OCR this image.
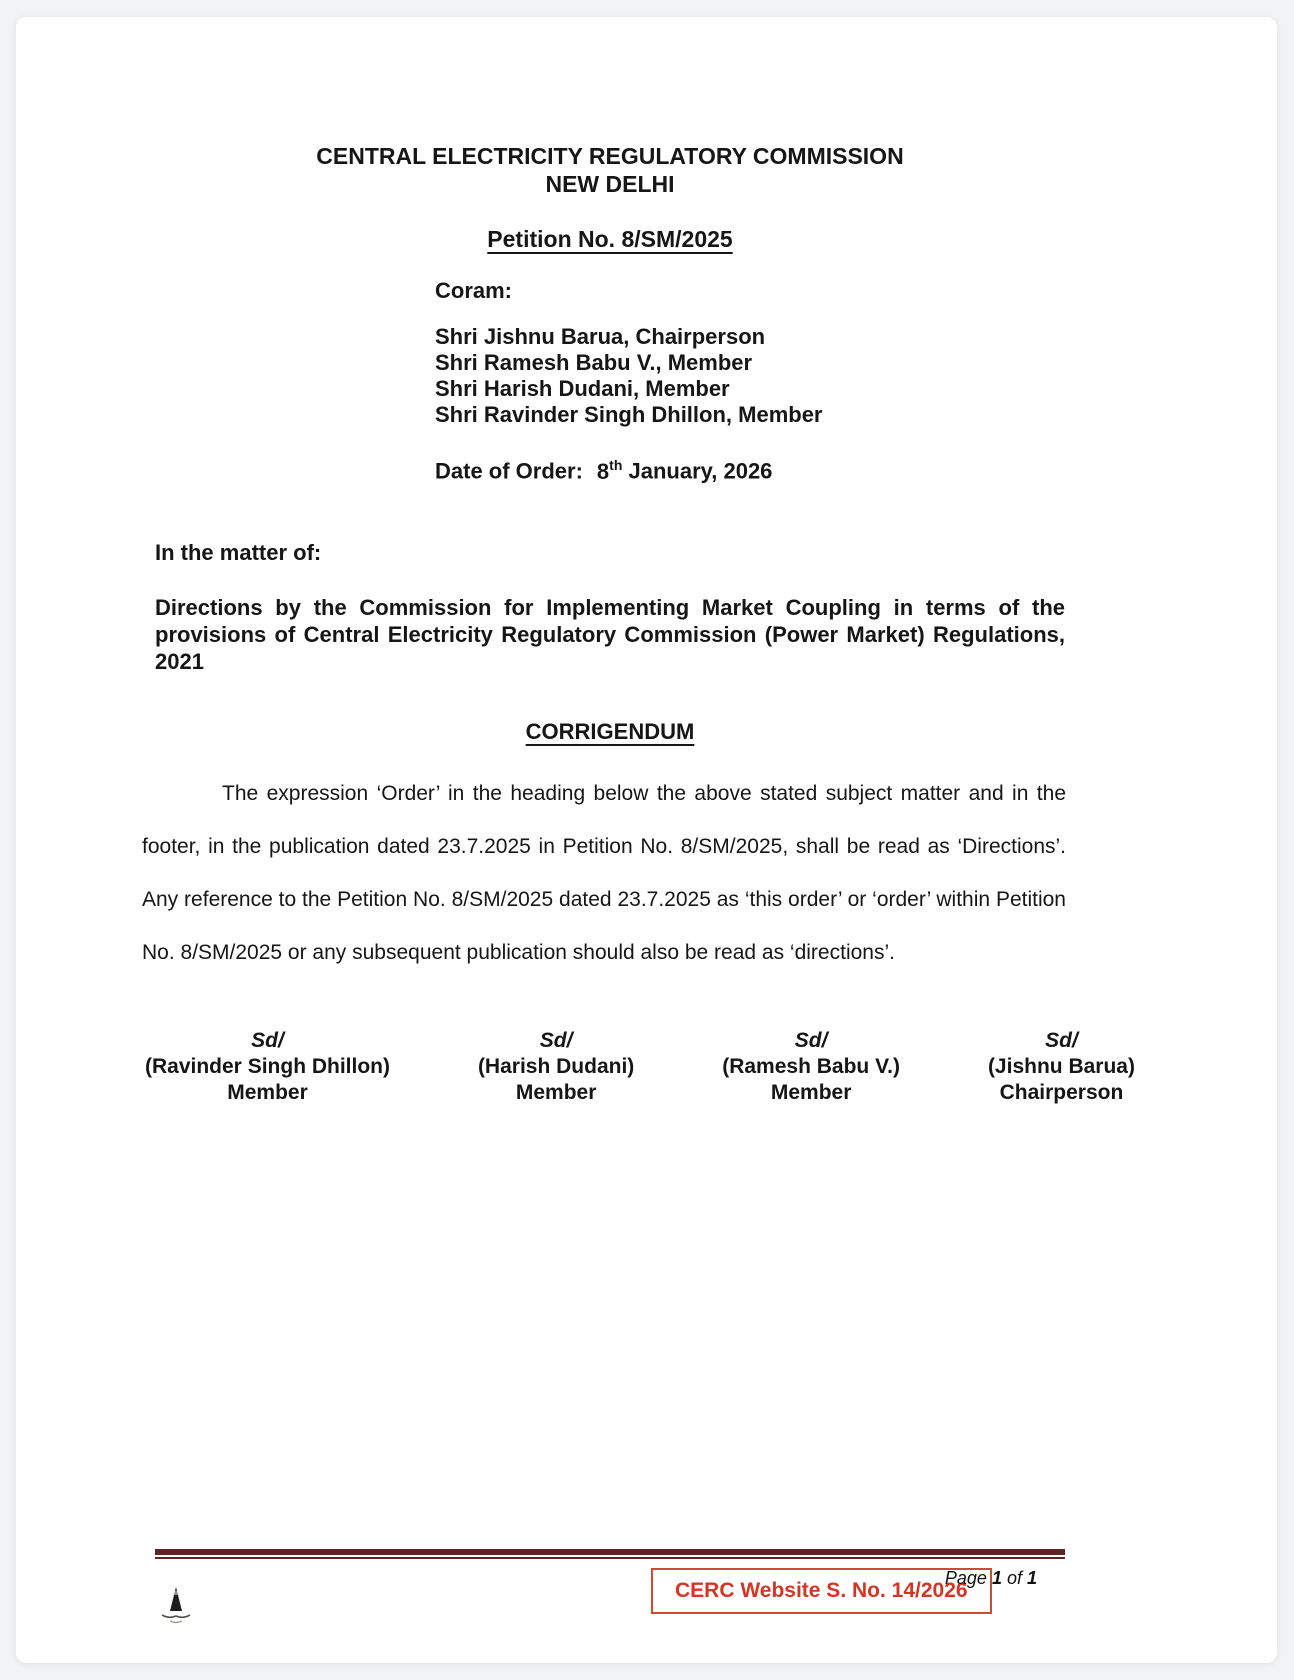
CENTRAL ELECTRICITY REGULATORY COMMISSION
NEW DELHI
Petition No. 8/SM/2025
Coram:
Shri Jishnu Barua, Chairperson
Shri Ramesh Babu V., Member
Shri Harish Dudani, Member
Shri Ravinder Singh Dhillon, Member
Date of Order: 8th January, 2026
In the matter of:
Directions by the Commission for Implementing Market Coupling in terms of the provisions of Central Electricity Regulatory Commission (Power Market) Regulations, 2021
CORRIGENDUM
The expression ‘Order’ in the heading below the above stated subject matter and in the footer, in the publication dated 23.7.2025 in Petition No. 8/SM/2025, shall be read as ‘Directions’. Any reference to the Petition No. 8/SM/2025 dated 23.7.2025 as ‘this order’ or ‘order’ within Petition No. 8/SM/2025 or any subsequent publication should also be read as ‘directions’.
Sd/
(Ravinder Singh Dhillon)
Member
Sd/
(Harish Dudani)
Member
Sd/
(Ramesh Babu V.)
Member
Sd/
(Jishnu Barua)
Chairperson
CERC Website S. No. 14/2026
Page 1 of 1
